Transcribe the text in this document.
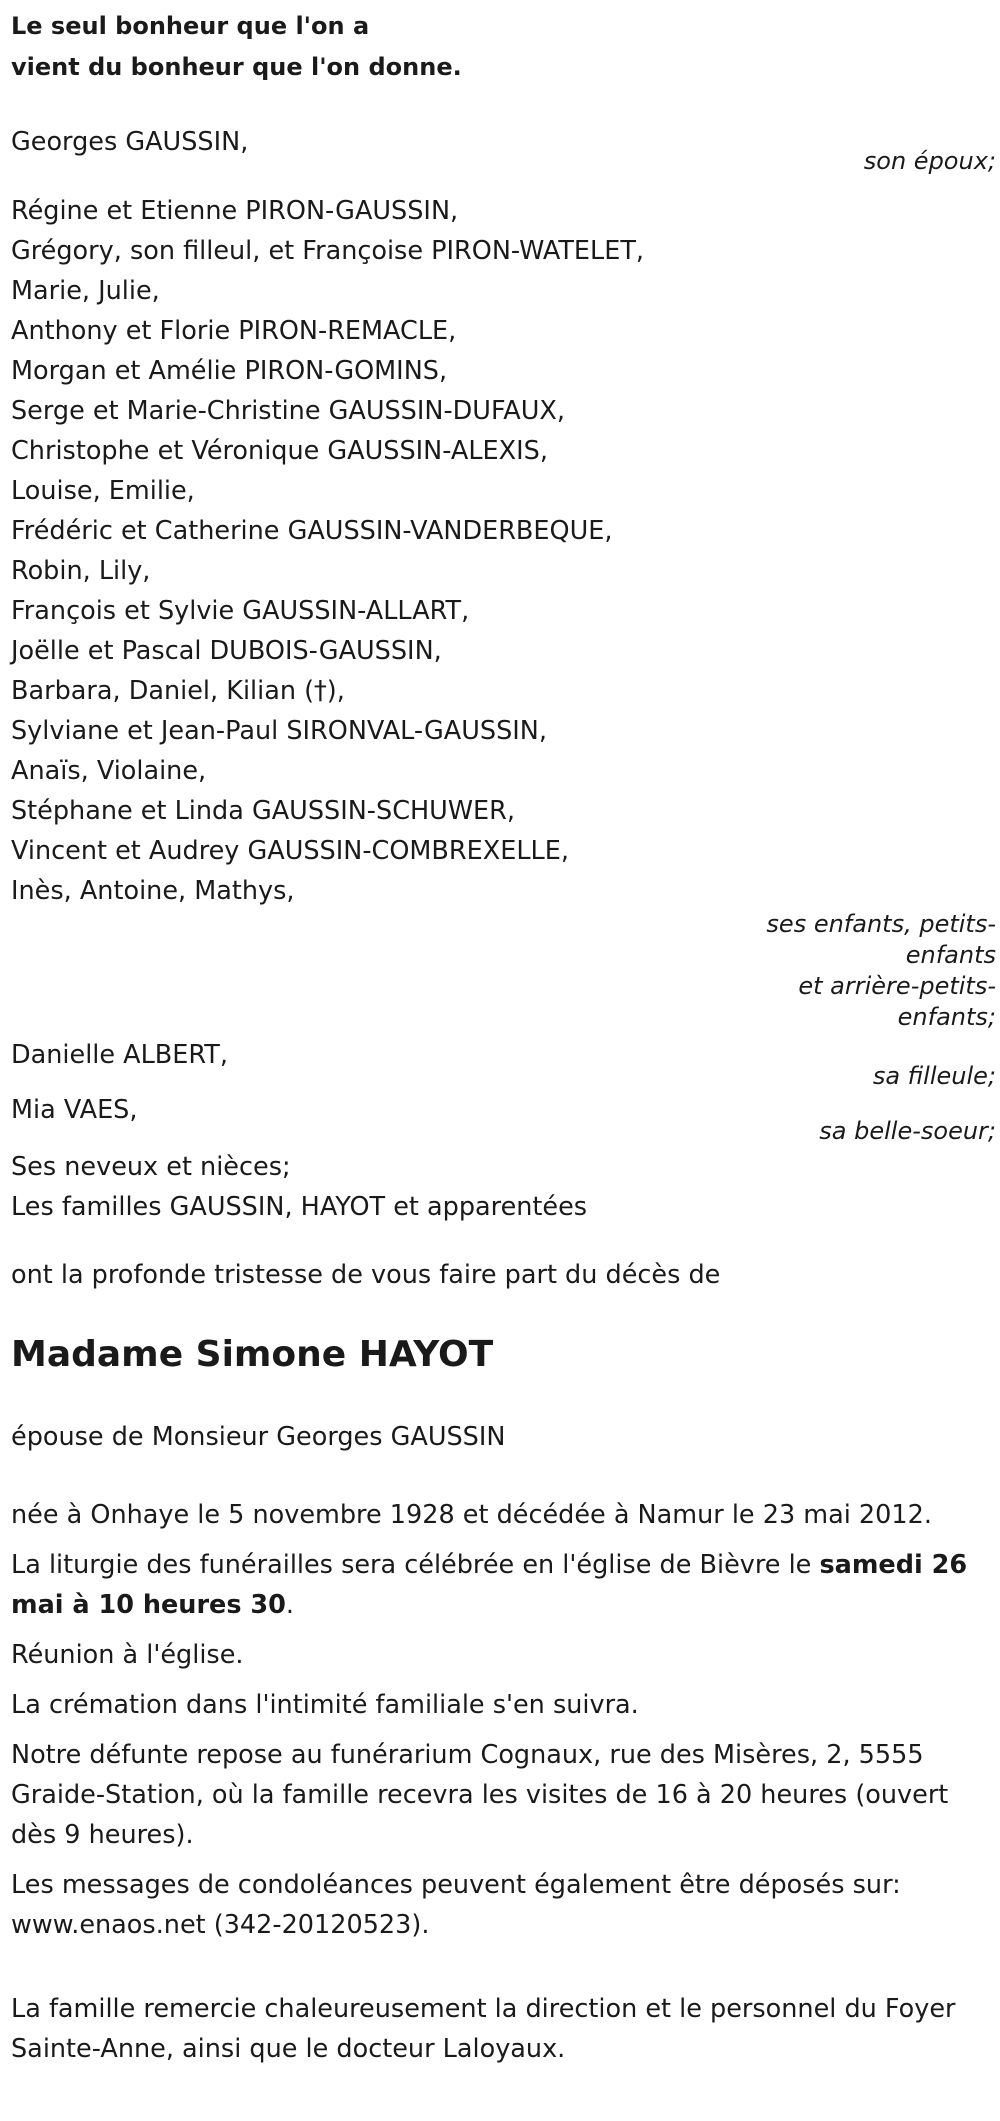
Le seul bonheur que l'on a
vient du bonheur que l'on donne.
Georges GAUSSIN,
son époux;
Régine et Etienne PIRON-GAUSSIN,
Grégory, son filleul, et Françoise PIRON-WATELET,
Marie, Julie,
Anthony et Florie PIRON-REMACLE,
Morgan et Amélie PIRON-GOMINS,
Serge et Marie-Christine GAUSSIN-DUFAUX,
Christophe et Véronique GAUSSIN-ALEXIS,
Louise, Emilie,
Frédéric et Catherine GAUSSIN-VANDERBEQUE,
Robin, Lily,
François et Sylvie GAUSSIN-ALLART,
Joëlle et Pascal DUBOIS-GAUSSIN,
Barbara, Daniel, Kilian (†),
Sylviane et Jean-Paul SIRONVAL-GAUSSIN,
Anaïs, Violaine,
Stéphane et Linda GAUSSIN-SCHUWER,
Vincent et Audrey GAUSSIN-COMBREXELLE,
Inès, Antoine, Mathys,
ses enfants, petits-enfants
et arrière-petits-enfants;
Danielle ALBERT,
sa filleule;
Mia VAES,
sa belle-soeur;
Ses neveux et nièces;
Les familles GAUSSIN, HAYOT et apparentées
ont la profonde tristesse de vous faire part du décès de
Madame Simone HAYOT
épouse de Monsieur Georges GAUSSIN
née à Onhaye le 5 novembre 1928 et décédée à Namur le 23 mai 2012.
La liturgie des funérailles sera célébrée en l'église de Bièvre le samedi 26 mai à 10 heures 30.
Réunion à l'église.
La crémation dans l'intimité familiale s'en suivra.
Notre défunte repose au funérarium Cognaux, rue des Misères, 2, 5555 Graide-Station, où la famille recevra les visites de 16 à 20 heures (ouvert dès 9 heures).
Les messages de condoléances peuvent également être déposés sur: www.enaos.net (342-20120523).
La famille remercie chaleureusement la direction et le personnel du Foyer Sainte-Anne, ainsi que le docteur Laloyaux.
